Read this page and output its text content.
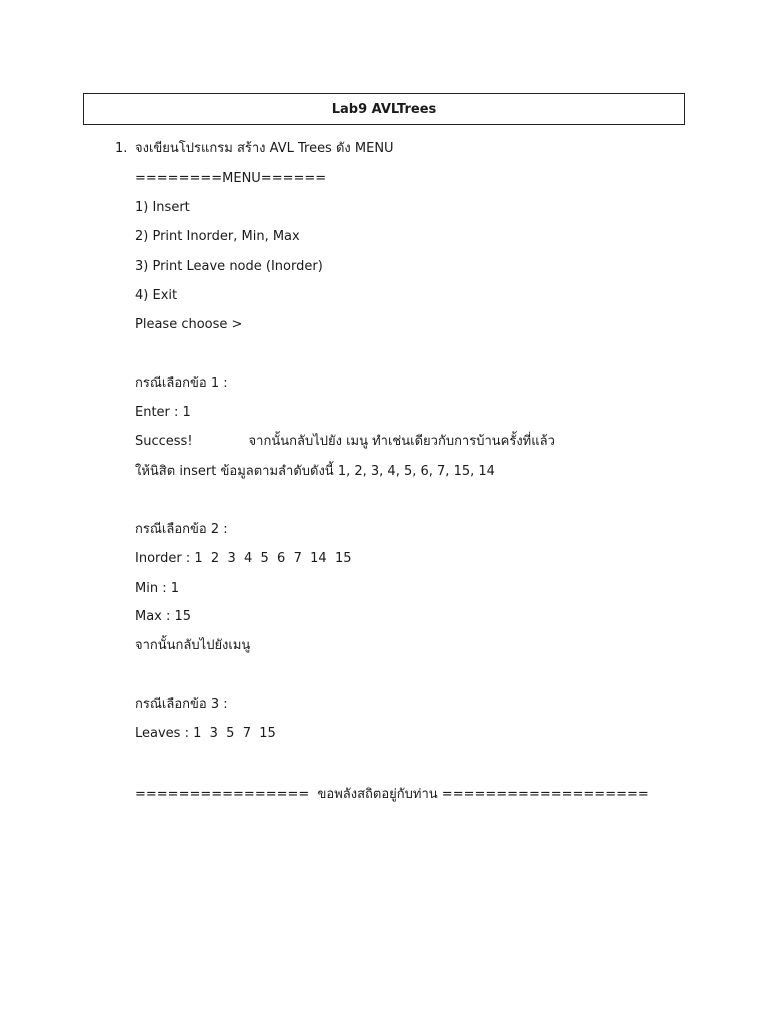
Lab9 AVLTrees
1. จงเขียนโปรแกรม สร้าง AVL Trees ดัง MENU
========MENU======
1) Insert
2) Print Inorder, Min, Max
3) Print Leave node (Inorder)
4) Exit
Please choose >
กรณีเลือกข้อ 1 :
Enter : 1
Success!	จากนั้นกลับไปยัง เมนู ทำเช่นเดียวกับการบ้านครั้งที่แล้ว
ให้นิสิต insert ข้อมูลตามลำดับดังนี้ 1, 2, 3, 4, 5, 6, 7, 15, 14
กรณีเลือกข้อ 2 :
Inorder : 1  2  3  4  5  6  7  14  15
Min : 1
Max : 15
จากนั้นกลับไปยังเมนู
กรณีเลือกข้อ 3 :
Leaves : 1  3  5  7  15
================  ขอพลังสถิตอยู่กับท่าน ===================
